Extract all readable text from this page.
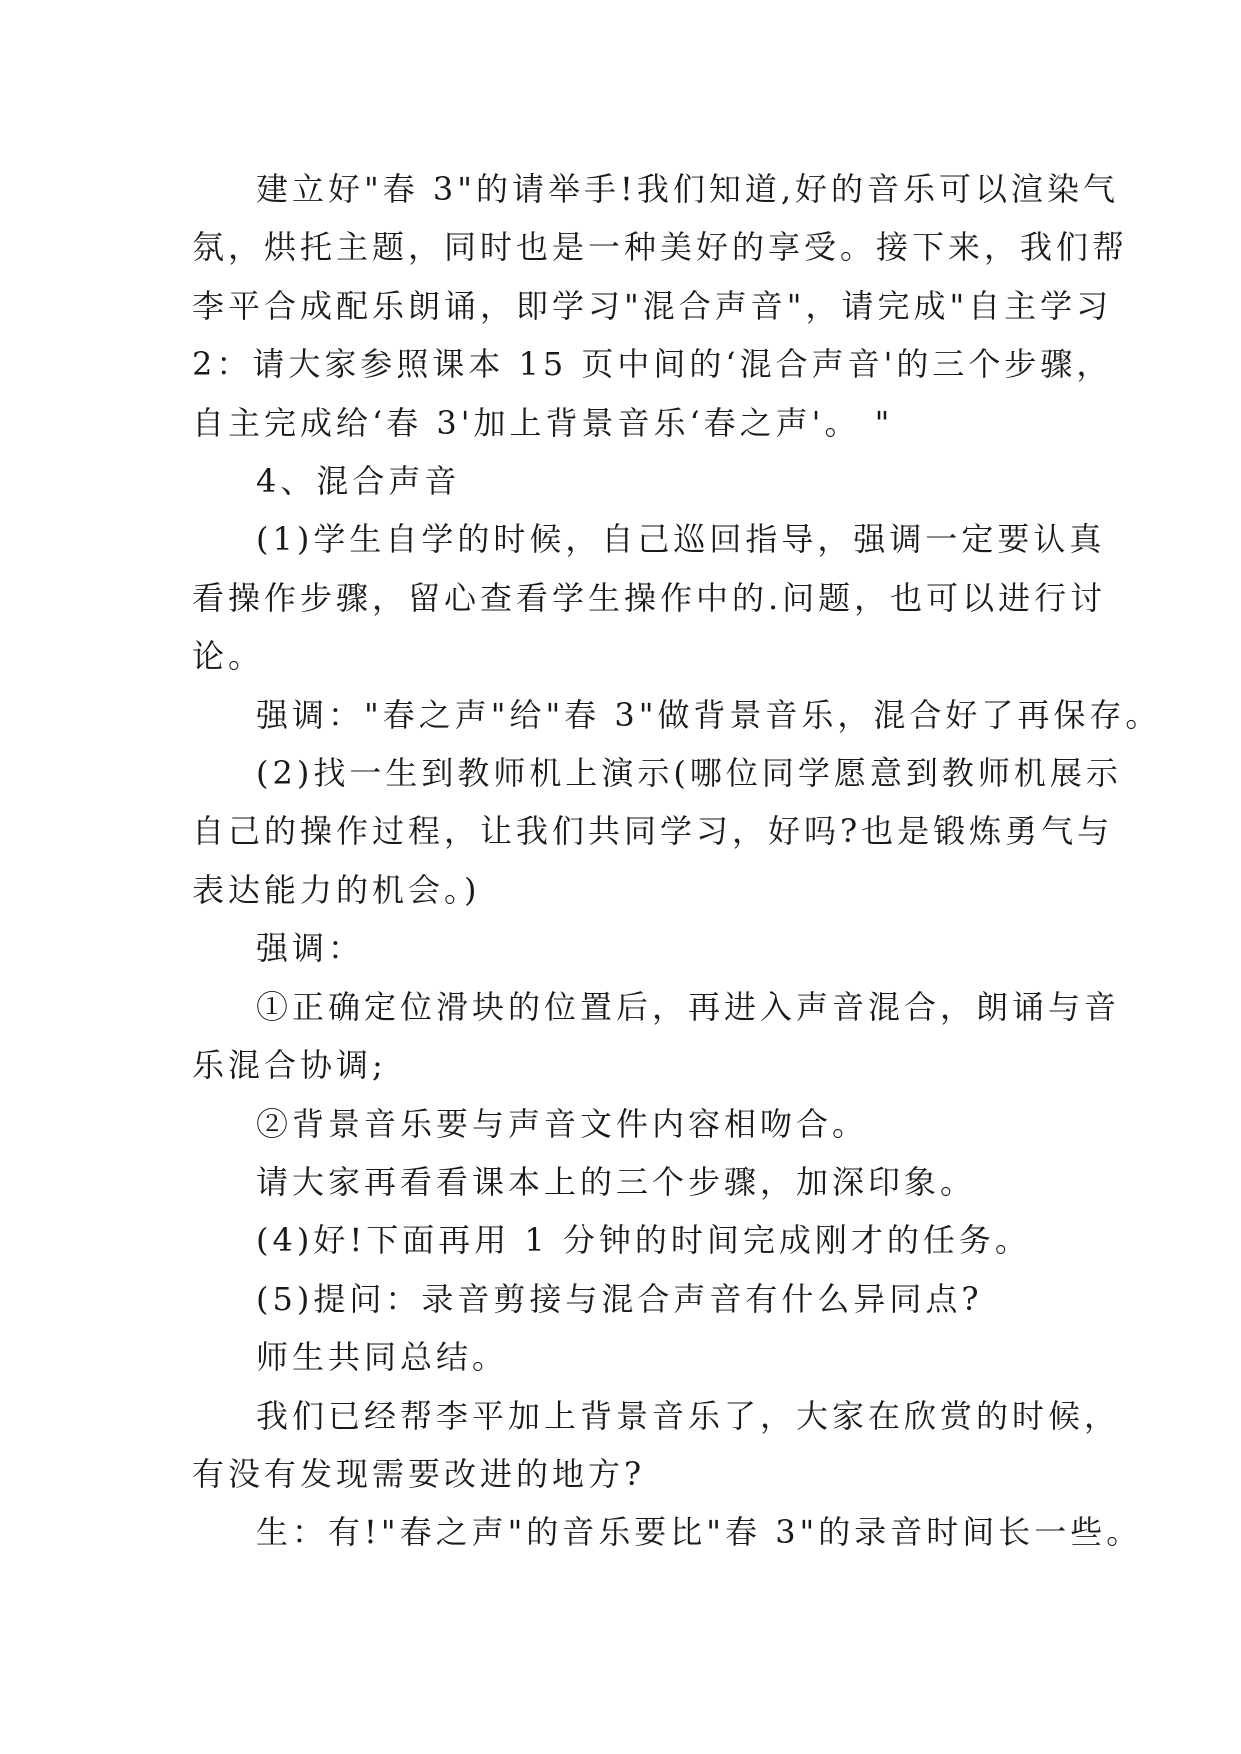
建立好"春 3"的请举手!我们知道,好的音乐可以渲染气

氛，烘托主题，同时也是一种美好的享受。接下来，我们帮

李平合成配乐朗诵，即学习"混合声音"，请完成"自主学习

2：请大家参照课本 15 页中间的‘混合声音'的三个步骤，

自主完成给‘春 3'加上背景音乐‘春之声'。 "

4、混合声音

(1)学生自学的时候，自己巡回指导，强调一定要认真

看操作步骤，留心查看学生操作中的.问题，也可以进行讨

论。

强调："春之声"给"春 3"做背景音乐，混合好了再保存。

(2)找一生到教师机上演示(哪位同学愿意到教师机展示

自己的操作过程，让我们共同学习，好吗?也是锻炼勇气与

表达能力的机会。)

强调：

①正确定位滑块的位置后，再进入声音混合，朗诵与音

乐混合协调;

②背景音乐要与声音文件内容相吻合。

请大家再看看课本上的三个步骤，加深印象。

(4)好!下面再用 1 分钟的时间完成刚才的任务。

(5)提问：录音剪接与混合声音有什么异同点?

师生共同总结。

我们已经帮李平加上背景音乐了，大家在欣赏的时候，

有没有发现需要改进的地方?

生：有!"春之声"的音乐要比"春 3"的录音时间长一些。
